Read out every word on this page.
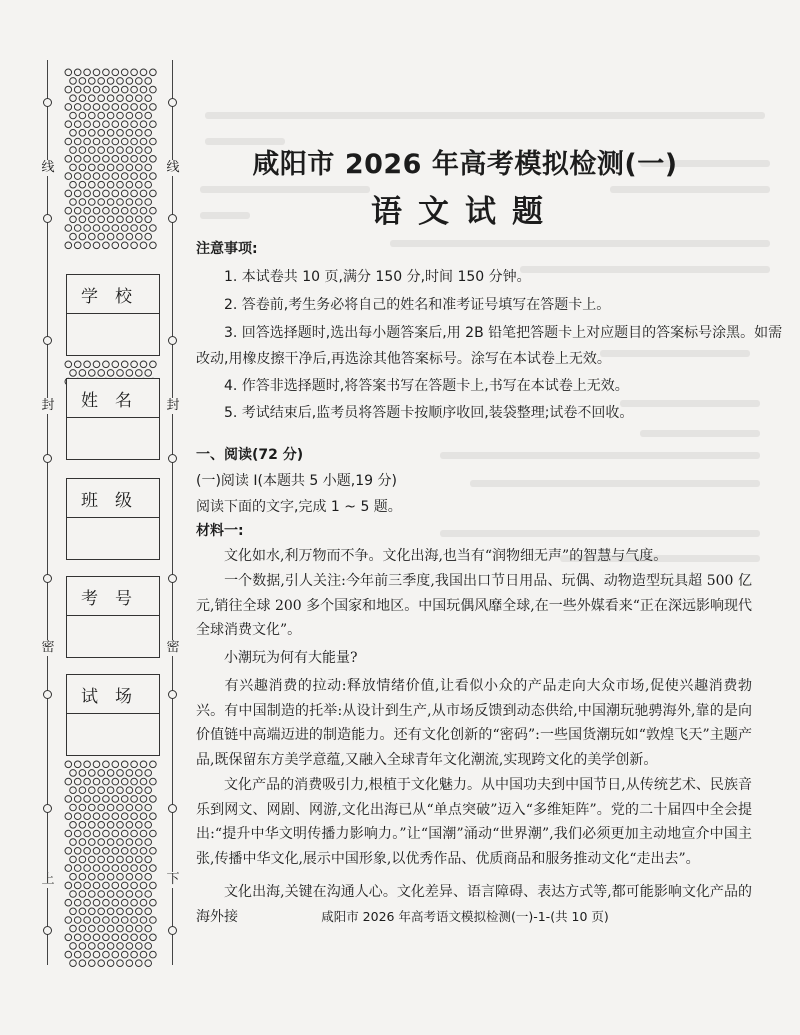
线	线
封	封
密	密
上	下
学　校
姓　名
班　级
考　号
试　场
咸阳市 2026 年高考模拟检测(一)
语文试题
注意事项:
1. 本试卷共 10 页,满分 150 分,时间 150 分钟。
2. 答卷前,考生务必将自己的姓名和准考证号填写在答题卡上。
3. 回答选择题时,选出每小题答案后,用 2B 铅笔把答题卡上对应题目的答案标号涂黑。如需
改动,用橡皮擦干净后,再选涂其他答案标号。涂写在本试卷上无效。
4. 作答非选择题时,将答案书写在答题卡上,书写在本试卷上无效。
5. 考试结束后,监考员将答题卡按顺序收回,装袋整理;试卷不回收。
一、阅读(72 分)
(一)阅读 I(本题共 5 小题,19 分)
阅读下面的文字,完成 1 ~ 5 题。
材料一:
文化如水,利万物而不争。文化出海,也当有“润物细无声”的智慧与气度。
一个数据,引人关注:今年前三季度,我国出口节日用品、玩偶、动物造型玩具超 500 亿元,销往全球 200 多个国家和地区。中国玩偶风靡全球,在一些外媒看来“正在深远影响现代全球消费文化”。
小潮玩为何有大能量?
有兴趣消费的拉动:释放情绪价值,让看似小众的产品走向大众市场,促使兴趣消费勃兴。有中国制造的托举:从设计到生产,从市场反馈到动态供给,中国潮玩驰骋海外,靠的是向价值链中高端迈进的制造能力。还有文化创新的“密码”:一些国货潮玩如“敦煌飞天”主题产品,既保留东方美学意蕴,又融入全球青年文化潮流,实现跨文化的美学创新。
文化产品的消费吸引力,根植于文化魅力。从中国功夫到中国节日,从传统艺术、民族音乐到网文、网剧、网游,文化出海已从“单点突破”迈入“多维矩阵”。党的二十届四中全会提出:“提升中华文明传播力影响力。”让“国潮”涌动“世界潮”,我们必须更加主动地宣介中国主张,传播中华文化,展示中国形象,以优秀作品、优质商品和服务推动文化“走出去”。
文化出海,关键在沟通人心。文化差异、语言障碍、表达方式等,都可能影响文化产品的海外接	咸阳市 2026 年高考语文模拟检测(一)-1-(共 10 页)
